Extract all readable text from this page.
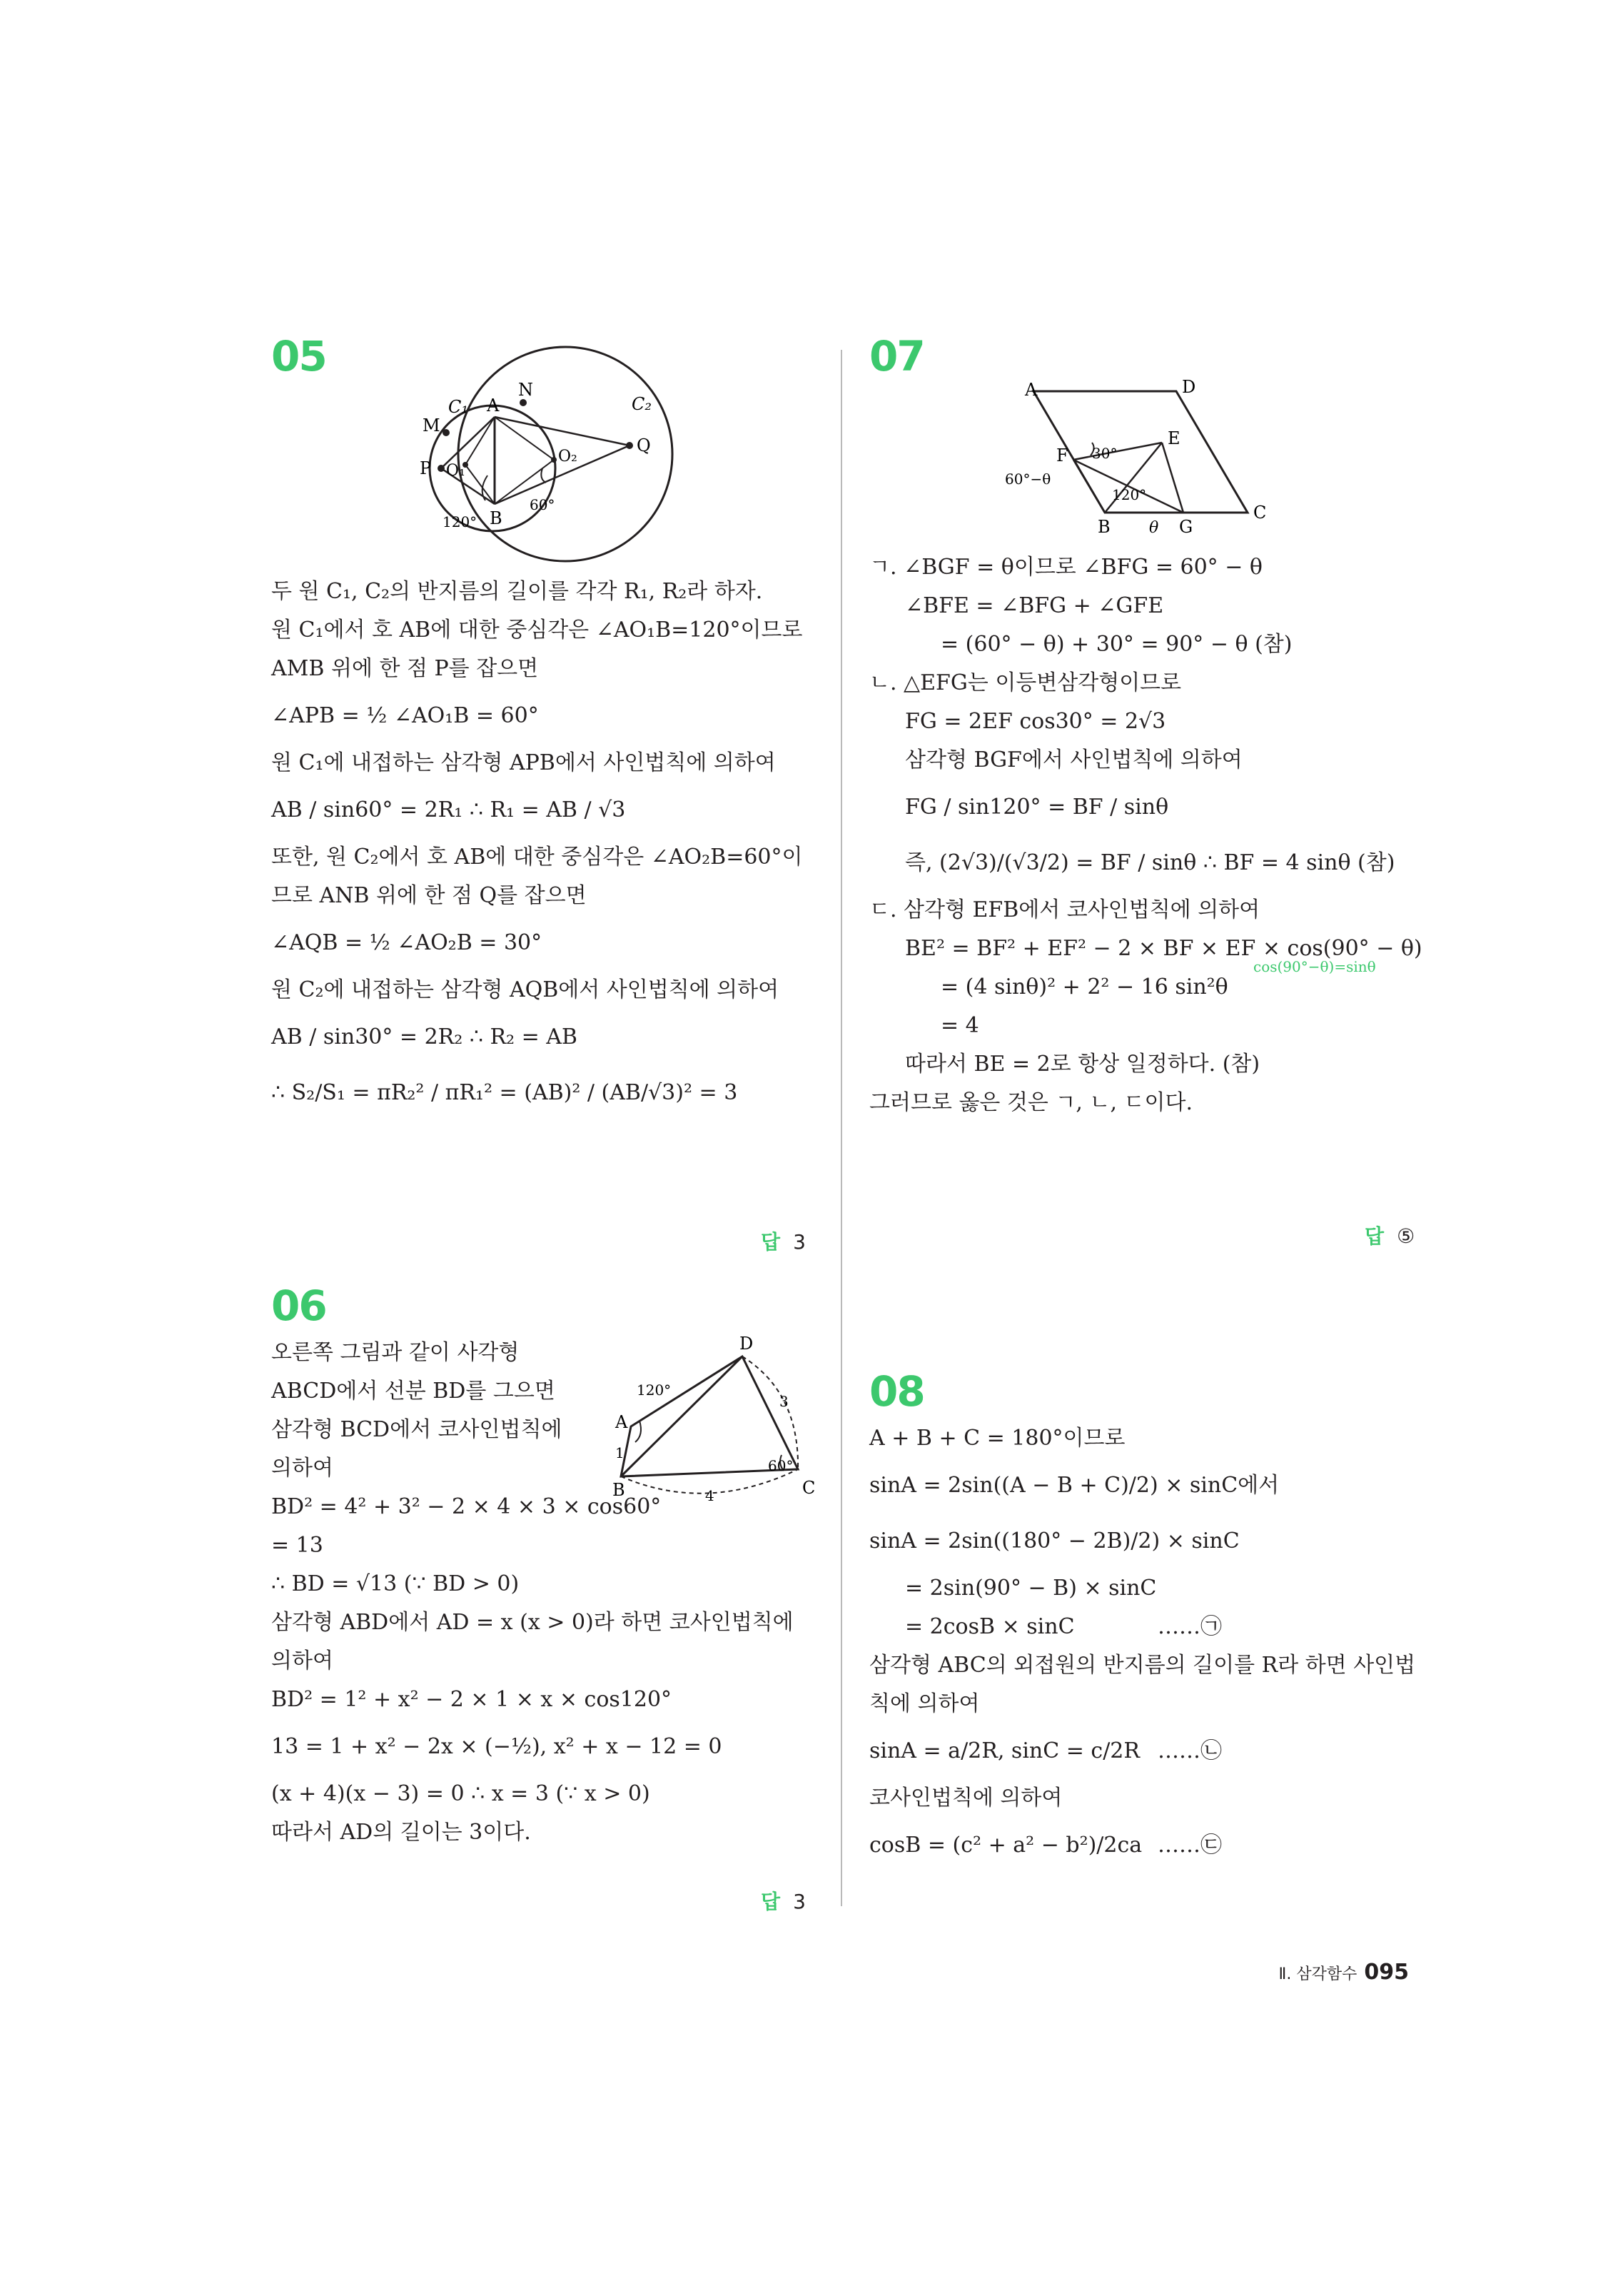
05
N
C₁ A	C₂
M
P O₁
O₂
Q
B
120°
60°
두 원 C₁, C₂의 반지름의 길이를 각각 R₁, R₂라 하자.
원 C₁에서 호 AB에 대한 중심각은 ∠AO₁B=120°이므로
AMB 위에 한 점 P를 잡으면
∠APB = ½ ∠AO₁B = 60°
원 C₁에 내접하는 삼각형 APB에서 사인법칙에 의하여
AB / sin60° = 2R₁ ∴ R₁ = AB / √3
또한, 원 C₂에서 호 AB에 대한 중심각은 ∠AO₂B=60°이
므로 ANB 위에 한 점 Q를 잡으면
∠AQB = ½ ∠AO₂B = 30°
원 C₂에 내접하는 삼각형 AQB에서 사인법칙에 의하여
AB / sin30° = 2R₂ ∴ R₂ = AB
∴ S₂/S₁ = πR₂² / πR₁² = (AB)² / (AB/√3)² = 3
답 3
06
오른쪽 그림과 같이 사각형
ABCD에서 선분 BD를 그으면
삼각형 BCD에서 코사인법칙에
의하여
BD² = 4² + 3² − 2 × 4 × 3 × cos60°
= 13
∴ BD = √13 (∵ BD > 0)
삼각형 ABD에서 AD = x (x > 0)라 하면 코사인법칙에
의하여
BD² = 1² + x² − 2 × 1 × x × cos120°
13 = 1 + x² − 2x × (−½), x² + x − 12 = 0
(x + 4)(x − 3) = 0 ∴ x = 3 (∵ x > 0)
따라서 AD의 길이는 3이다.
D
A
B	C
120°
60°
1
3
4
답 3
07
A	D
E
F
B	G
C
30°
120°
60°−θ
θ
ㄱ. ∠BGF = θ이므로 ∠BFG = 60° − θ
∠BFE = ∠BFG + ∠GFE
= (60° − θ) + 30° = 90° − θ (참)
ㄴ. △EFG는 이등변삼각형이므로
FG = 2EF cos30° = 2√3
삼각형 BGF에서 사인법칙에 의하여
FG / sin120° = BF / sinθ
즉, (2√3)/(√3/2) = BF / sinθ ∴ BF = 4 sinθ (참)
ㄷ. 삼각형 EFB에서 코사인법칙에 의하여
BE² = BF² + EF² − 2 × BF × EF × cos(90° − θ)
cos(90°−θ)=sinθ
= (4 sinθ)² + 2² − 16 sin²θ
= 4
따라서 BE = 2로 항상 일정하다. (참)
그러므로 옳은 것은 ㄱ, ㄴ, ㄷ이다.
답 ⑤
08
A + B + C = 180°이므로
sinA = 2sin((A − B + C)/2) × sinC에서
sinA = 2sin((180° − 2B)/2) × sinC
= 2sin(90° − B) × sinC
= 2cosB × sinC	……㉠
삼각형 ABC의 외접원의 반지름의 길이를 R라 하면 사인법
칙에 의하여
sinA = a/2R, sinC = c/2R ……㉡
코사인법칙에 의하여
cosB = (c² + a² − b²)/2ca ……㉢
Ⅱ. 삼각함수 095
